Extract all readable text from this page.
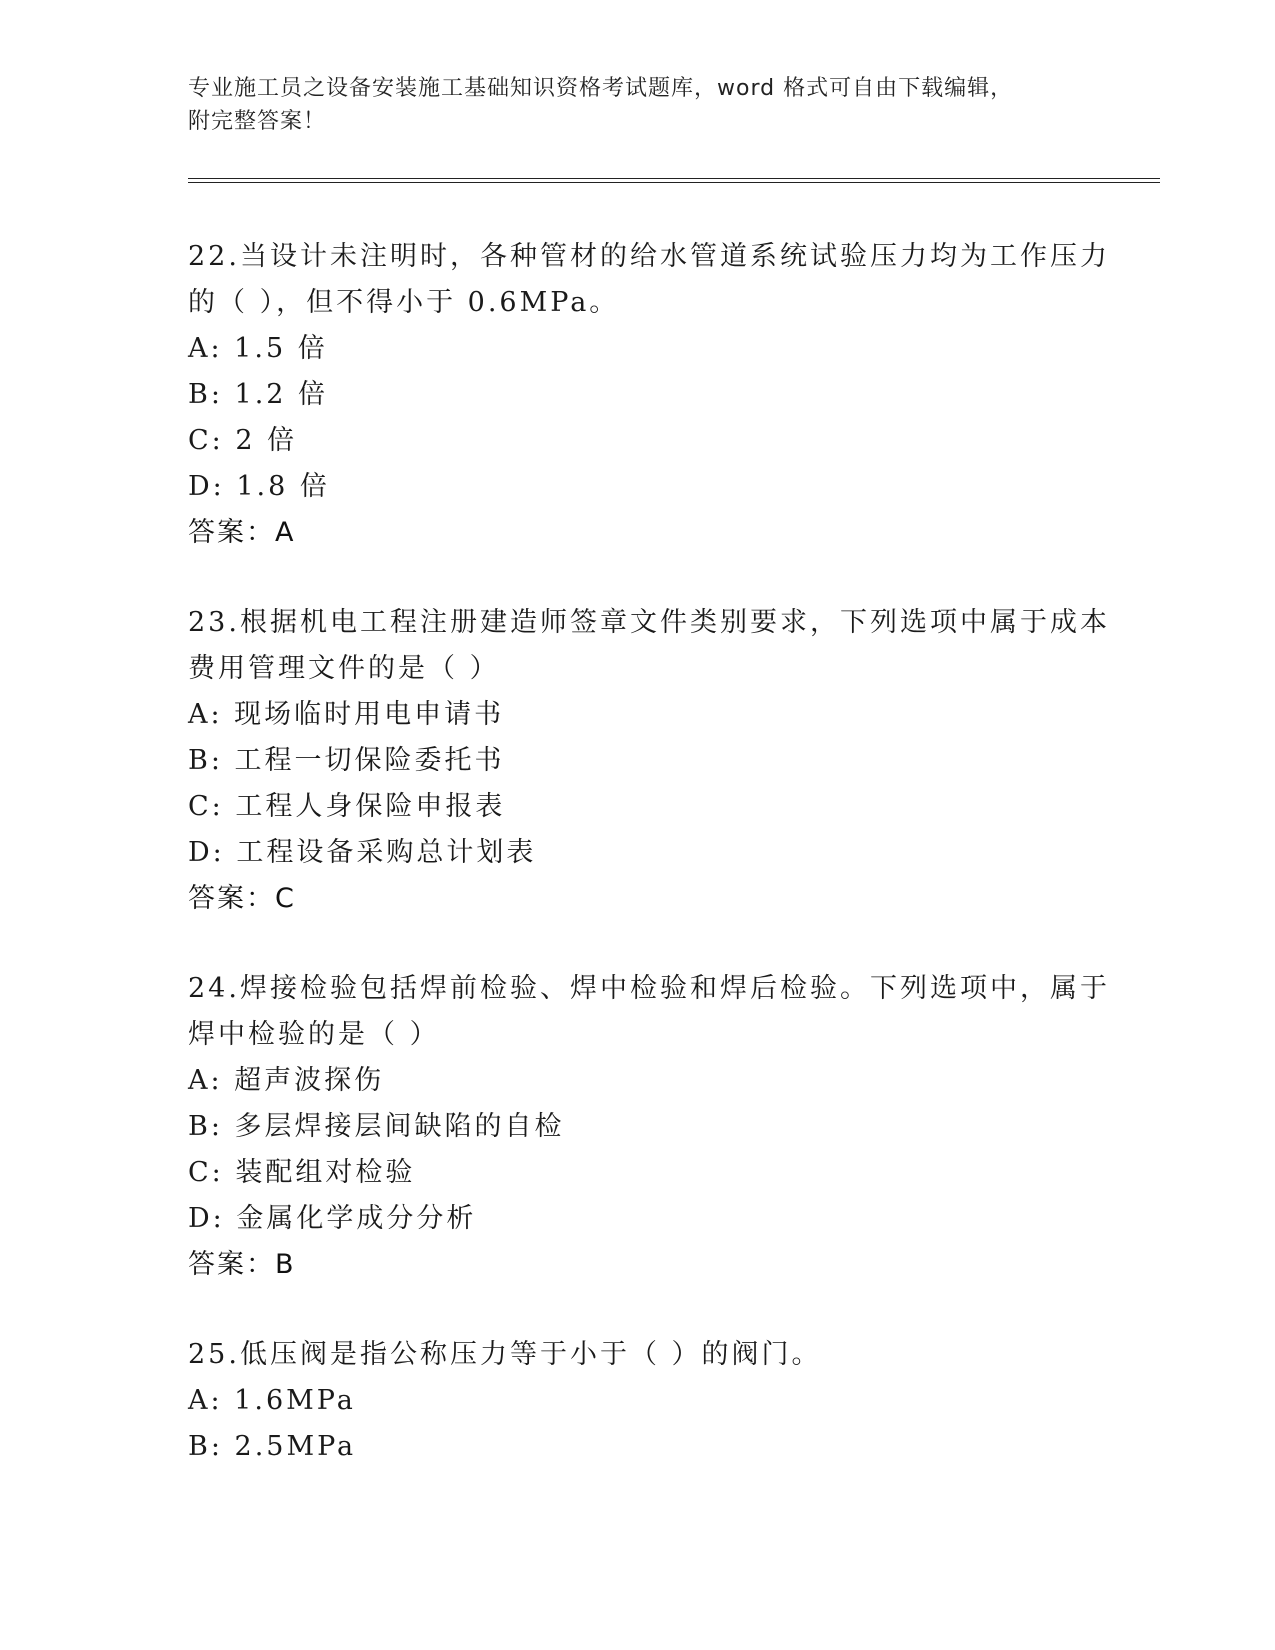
专业施工员之设备安装施工基础知识资格考试题库，word 格式可自由下载编辑，
附完整答案！
22.当设计未注明时，各种管材的给水管道系统试验压力均为工作压力
的（ ），但不得小于 0.6MPa。
A: 1.5 倍
B: 1.2 倍
C: 2 倍
D: 1.8 倍
答案：A
23.根据机电工程注册建造师签章文件类别要求，下列选项中属于成本
费用管理文件的是（ ）
A: 现场临时用电申请书
B: 工程一切保险委托书
C: 工程人身保险申报表
D: 工程设备采购总计划表
答案：C
24.焊接检验包括焊前检验、焊中检验和焊后检验。下列选项中，属于
焊中检验的是（ ）
A: 超声波探伤
B: 多层焊接层间缺陷的自检
C: 装配组对检验
D: 金属化学成分分析
答案：B
25.低压阀是指公称压力等于小于（ ）的阀门。
A: 1.6MPa
B: 2.5MPa
